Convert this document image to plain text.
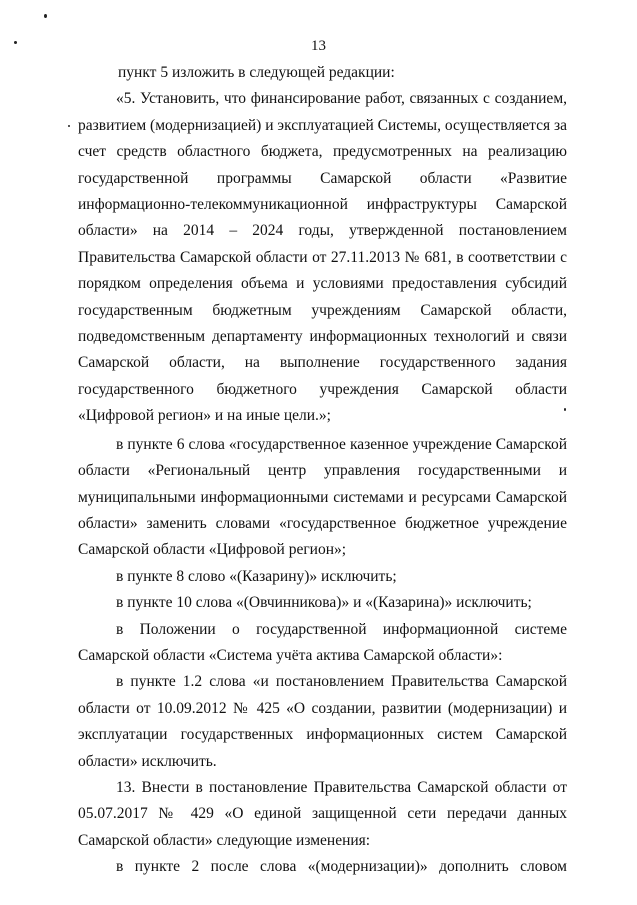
13

пункт 5 изложить в следующей редакции:

«5. Установить, что финансирование работ, связанных с созданием, развитием (модернизацией) и эксплуатацией Системы, осуществляется за счет средств областного бюджета, предусмотренных на реализацию государственной программы Самарской области «Развитие информационно-телекоммуникационной инфраструктуры Самарской области» на 2014 – 2024 годы, утвержденной постановлением Правительства Самарской области от 27.11.2013 № 681, в соответствии с порядком определения объема и условиями предоставления субсидий государственным бюджетным учреждениям Самарской области, подведомственным департаменту информационных технологий и связи Самарской области, на выполнение государственного задания государственного бюджетного учреждения Самарской области «Цифровой регион» и на иные цели.»;

в пункте 6 слова «государственное казенное учреждение Самарской области «Региональный центр управления государственными и муниципальными информационными системами и ресурсами Самарской области» заменить словами «государственное бюджетное учреждение Самарской области «Цифровой регион»;

в пункте 8 слово «(Казарину)» исключить;

в пункте 10 слова «(Овчинникова)» и «(Казарина)» исключить;

в Положении о государственной информационной системе Самарской области «Система учёта актива Самарской области»:

в пункте 1.2 слова «и постановлением Правительства Самарской области от 10.09.2012 № 425 «О создании, развитии (модернизации) и эксплуатации государственных информационных систем Самарской области» исключить.

13. Внести в постановление Правительства Самарской области от 05.07.2017 № 429 «О единой защищенной сети передачи данных Самарской области» следующие изменения:

в пункте 2 после слова «(модернизации)» дополнить словом
